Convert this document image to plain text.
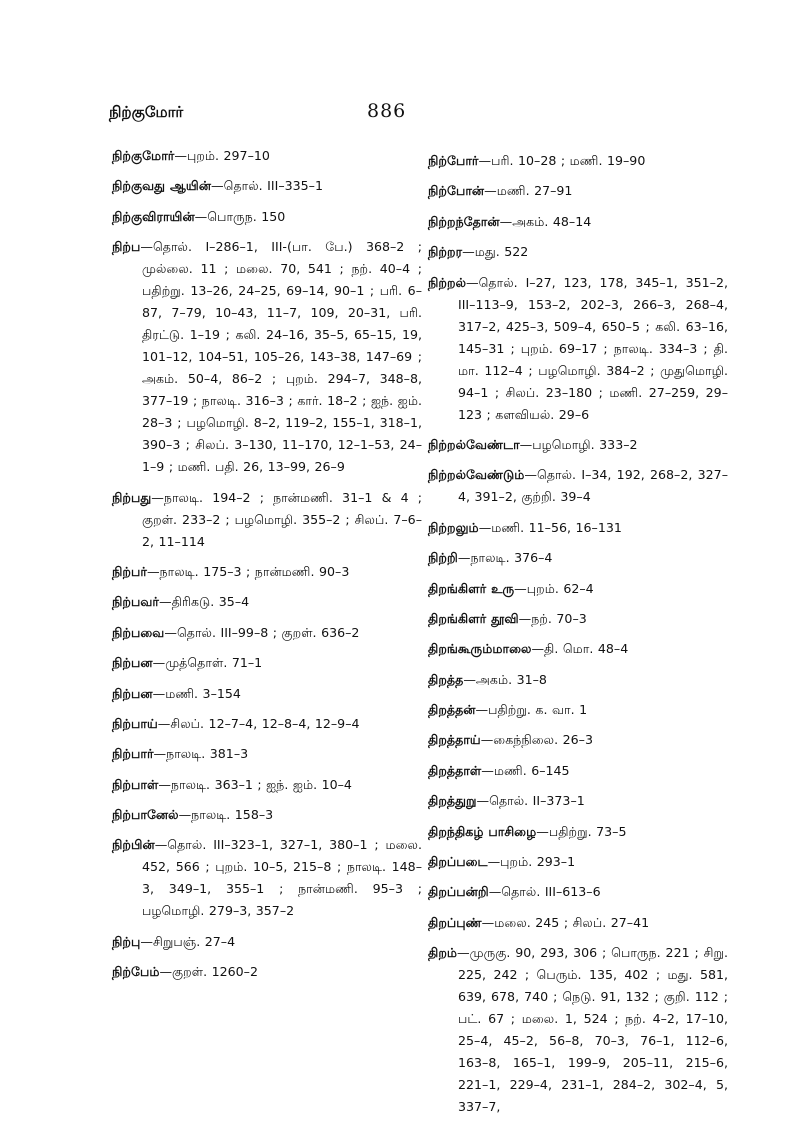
நிற்குமோர்	886
நிற்குமோர்—புறம். 297–10
நிற்குவது ஆயின்—தொல். III–335–1
நிற்குவிராயின்—பொருந. 150
நிற்ப—தொல். I–286–1, III-(பா. பே.) 368–2 ; முல்லை. 11 ; மலை. 70, 541 ; நற். 40–4 ; பதிற்று. 13–26, 24–25, 69–14, 90–1 ; பரி. 6–87, 7–79, 10–43, 11–7, 109, 20–31, பரி. திரட்டு. 1–19 ; கலி. 24–16, 35–5, 65–15, 19, 101–12, 104–51, 105–26, 143–38, 147–69 ; அகம். 50–4, 86–2 ; புறம். 294–7, 348–8, 377–19 ; நாலடி. 316–3 ; கார். 18–2 ; ஐந். ஐம். 28–3 ; பழமொழி. 8–2, 119–2, 155–1, 318–1, 390–3 ; சிலப். 3–130, 11–170, 12–1–53, 24–1–9 ; மணி. பதி. 26, 13–99, 26–9
நிற்பது—நாலடி. 194–2 ; நான்மணி. 31–1 & 4 ; குறள். 233–2 ; பழமொழி. 355–2 ; சிலப். 7–6–2, 11–114
நிற்பர்—நாலடி. 175–3 ; நான்மணி. 90–3
நிற்பவர்—திரிகடு. 35–4
நிற்பவை—தொல். III–99–8 ; குறள். 636–2
நிற்பன—முத்தொள். 71–1
நிற்பன—மணி. 3–154
நிற்பாய்—சிலப். 12–7–4, 12–8–4, 12–9–4
நிற்பார்—நாலடி. 381–3
நிற்பாள்—நாலடி. 363–1 ; ஐந். ஐம். 10–4
நிற்பானேல்—நாலடி. 158–3
நிற்பின்—தொல். III–323–1, 327–1, 380–1 ; மலை. 452, 566 ; புறம். 10–5, 215–8 ; நாலடி. 148–3, 349–1, 355–1 ; நான்மணி. 95–3 ; பழமொழி. 279–3, 357–2
நிற்பு—சிறுபஞ். 27–4
நிற்பேம்—குறள். 1260–2
நிற்போர்—பரி. 10–28 ; மணி. 19–90
நிற்போன்—மணி. 27–91
நிற்றந்தோன்—அகம். 48–14
நிற்றர—மது. 522
நிற்றல்—தொல். I–27, 123, 178, 345–1, 351–2, III–113–9, 153–2, 202–3, 266–3, 268–4, 317–2, 425–3, 509–4, 650–5 ; கலி. 63–16, 145–31 ; புறம். 69–17 ; நாலடி. 334–3 ; தி. மா. 112–4 ; பழமொழி. 384–2 ; முதுமொழி. 94–1 ; சிலப். 23–180 ; மணி. 27–259, 29–123 ; களவியல். 29–6
நிற்றல்வேண்டா—பழமொழி. 333–2
நிற்றல்வேண்டும்—தொல். I–34, 192, 268–2, 327–4, 391–2, குற்றி. 39–4
நிற்றலும்—மணி. 11–56, 16–131
நிற்றி—நாலடி. 376–4
திறங்கிளர் உரு—புறம். 62–4
திறங்கிளர் தூவி—நற். 70–3
திறங்கூரும்மாலை—தி. மொ. 48–4
திறத்த—அகம். 31–8
திறத்தன்—பதிற்று. க. வா. 1
திறத்தாய்—கைந்நிலை. 26–3
திறத்தாள்—மணி. 6–145
திறத்துறு—தொல். II–373–1
திறந்திகழ் பாசிழை—பதிற்று. 73–5
திறப்படை—புறம். 293–1
திறப்பன்றி—தொல். III–613–6
திறப்புண்—மலை. 245 ; சிலப். 27–41
திறம்—முருகு. 90, 293, 306 ; பொருந. 221 ; சிறு. 225, 242 ; பெரும். 135, 402 ; மது. 581, 639, 678, 740 ; நெடு. 91, 132 ; குறி. 112 ; பட். 67 ; மலை. 1, 524 ; நற். 4–2, 17–10, 25–4, 45–2, 56–8, 70–3, 76–1, 112–6, 163–8, 165–1, 199–9, 205–11, 215–6, 221–1, 229–4, 231–1, 284–2, 302–4, 5, 337–7,
